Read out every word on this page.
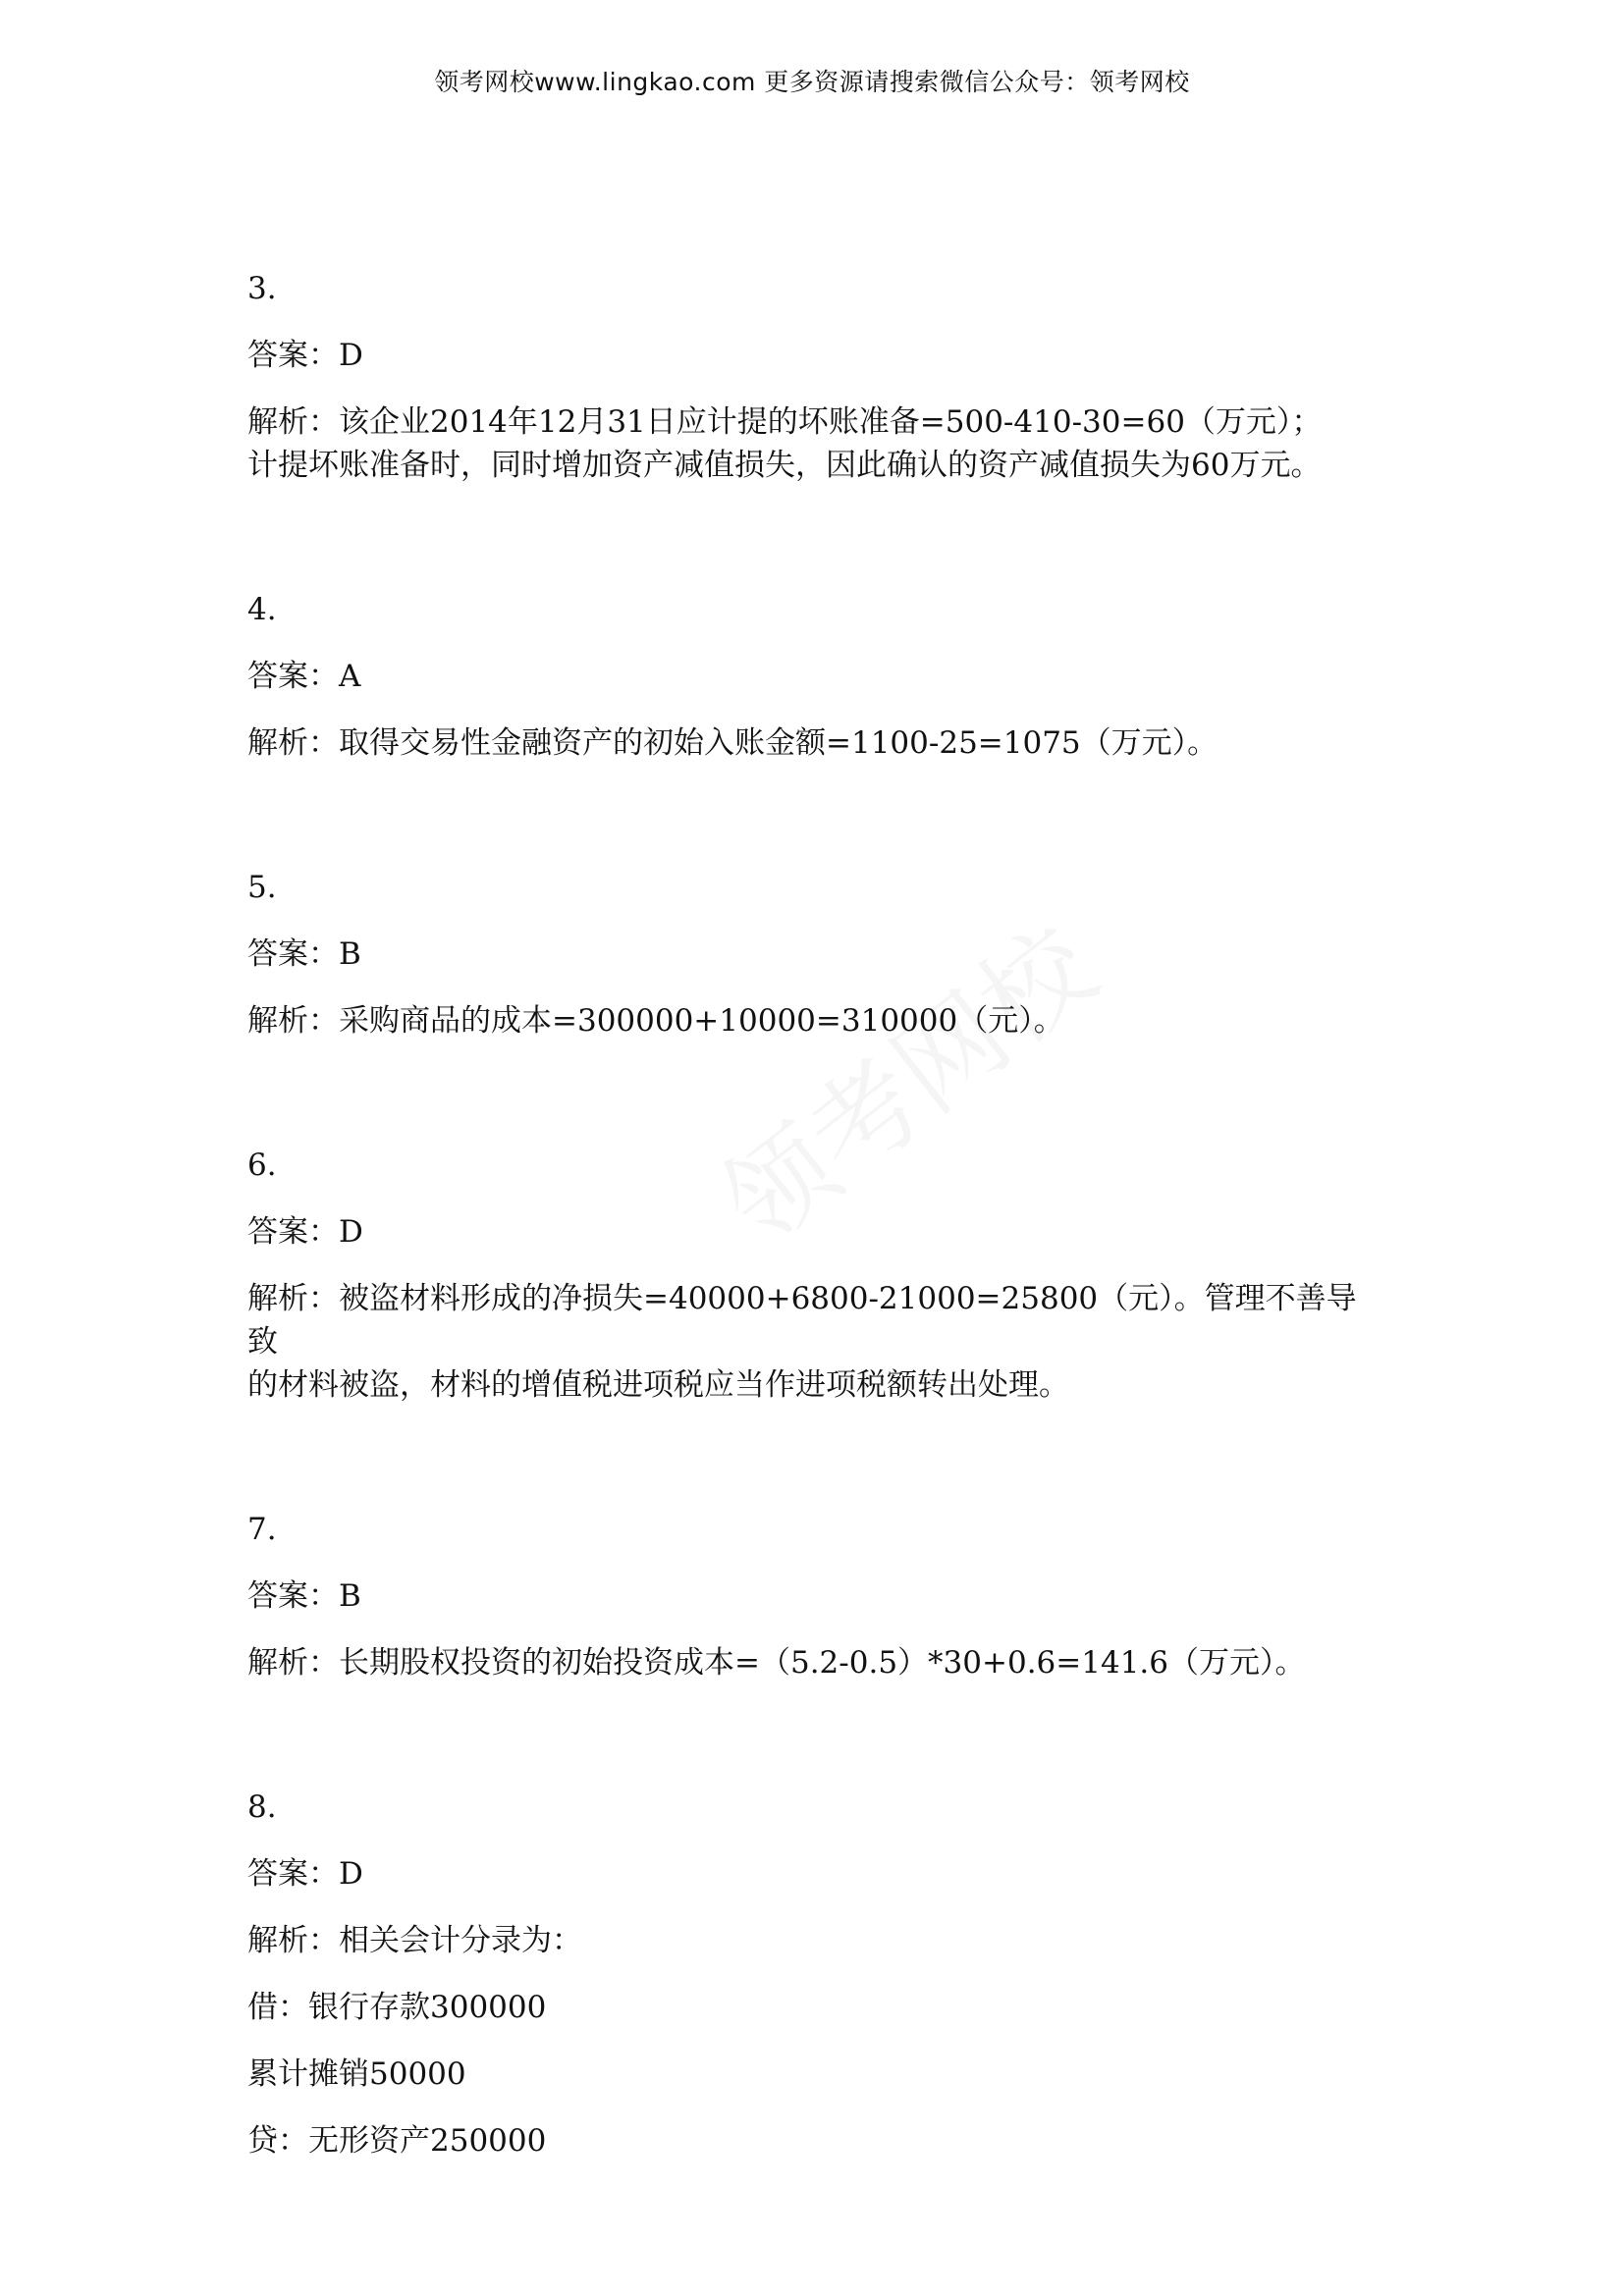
领考网校www.lingkao.com 更多资源请搜索微信公众号：领考网校
3.
答案：D

解析：该企业2014年12月31日应计提的坏账准备=500-410-30=60（万元）；

计提坏账准备时，同时增加资产减值损失，因此确认的资产减值损失为60万元。

4.
答案：A

解析：取得交易性金融资产的初始入账金额=1100-25=1075（万元）。

5.
答案：B

解析：采购商品的成本=300000+10000=310000（元）。

6.
答案：D

解析：被盗材料形成的净损失=40000+6800-21000=25800（元）。管理不善导致

的材料被盗，材料的增值税进项税应当作进项税额转出处理。

7.
答案：B

解析：长期股权投资的初始投资成本=（5.2-0.5）*30+0.6=141.6（万元）。

8.
答案：D

解析：相关会计分录为：

借：银行存款300000

累计摊销50000

贷：无形资产250000
